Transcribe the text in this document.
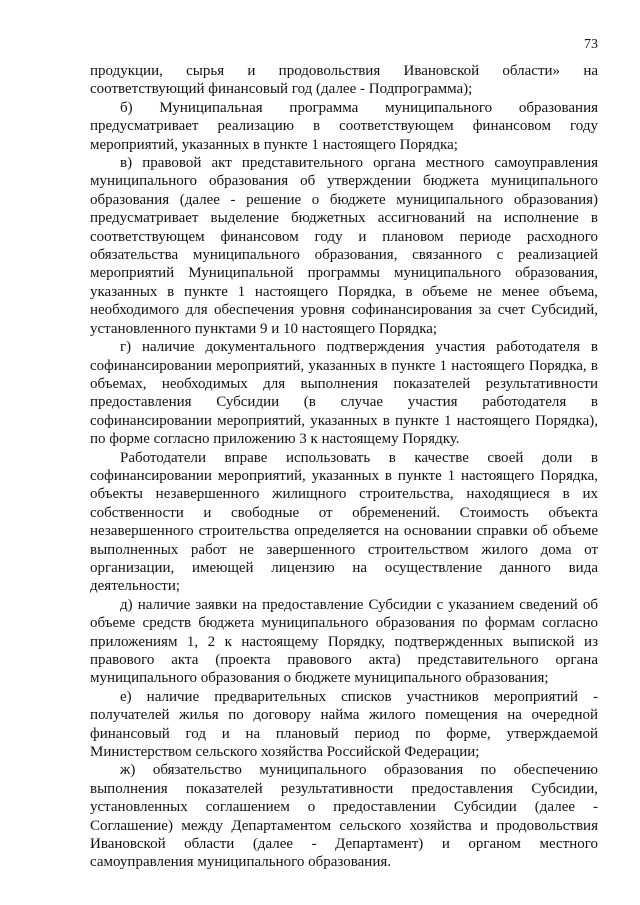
73

продукции, сырья и продовольствия Ивановской области» на соответствующий финансовый год (далее - Подпрограмма);

б) Муниципальная программа муниципального образования предусматривает реализацию в соответствующем финансовом году мероприятий, указанных в пункте 1 настоящего Порядка;

в) правовой акт представительного органа местного самоуправления муниципального образования об утверждении бюджета муниципального образования (далее - решение о бюджете муниципального образования) предусматривает выделение бюджетных ассигнований на исполнение в соответствующем финансовом году и плановом периоде расходного обязательства муниципального образования, связанного с реализацией мероприятий Муниципальной программы муниципального образования, указанных в пункте 1 настоящего Порядка, в объеме не менее объема, необходимого для обеспечения уровня софинансирования за счет Субсидий, установленного пунктами 9 и 10 настоящего Порядка;

г) наличие документального подтверждения участия работодателя в софинансировании мероприятий, указанных в пункте 1 настоящего Порядка, в объемах, необходимых для выполнения показателей результативности предоставления Субсидии (в случае участия работодателя в софинансировании мероприятий, указанных в пункте 1 настоящего Порядка), по форме согласно приложению 3 к настоящему Порядку.

Работодатели вправе использовать в качестве своей доли в софинансировании мероприятий, указанных в пункте 1 настоящего Порядка, объекты незавершенного жилищного строительства, находящиеся в их собственности и свободные от обременений. Стоимость объекта незавершенного строительства определяется на основании справки об объеме выполненных работ не завершенного строительством жилого дома от организации, имеющей лицензию на осуществление данного вида деятельности;

д) наличие заявки на предоставление Субсидии с указанием сведений об объеме средств бюджета муниципального образования по формам согласно приложениям 1, 2 к настоящему Порядку, подтвержденных выпиской из правового акта (проекта правового акта) представительного органа муниципального образования о бюджете муниципального образования;

е) наличие предварительных списков участников мероприятий - получателей жилья по договору найма жилого помещения на очередной финансовый год и на плановый период по форме, утверждаемой Министерством сельского хозяйства Российской Федерации;

ж) обязательство муниципального образования по обеспечению выполнения показателей результативности предоставления Субсидии, установленных соглашением о предоставлении Субсидии (далее - Соглашение) между Департаментом сельского хозяйства и продовольствия Ивановской области (далее - Департамент) и органом местного самоуправления муниципального образования.
